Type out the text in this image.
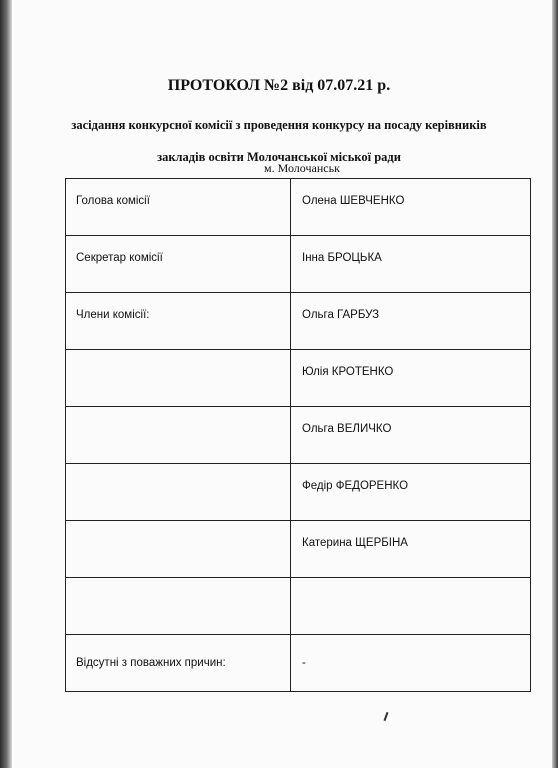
ПРОТОКОЛ №2 від 07.07.21 р.
засідання конкурсної комісії з проведення конкурсу на посаду керівників
закладів освіти Молочанської міської ради
м. Молочанськ
Голова комісії	Олена ШЕВЧЕНКО

Секретар комісії	Інна БРОЦЬКА

Члени комісії:	Ольга ГАРБУЗ

	Юлія КРОТЕНКО

	Ольга ВЕЛИЧКО

	Федір ФЕДОРЕНКО

	Катерина ЩЕРБІНА

Відсутні з поважних причин:	-
